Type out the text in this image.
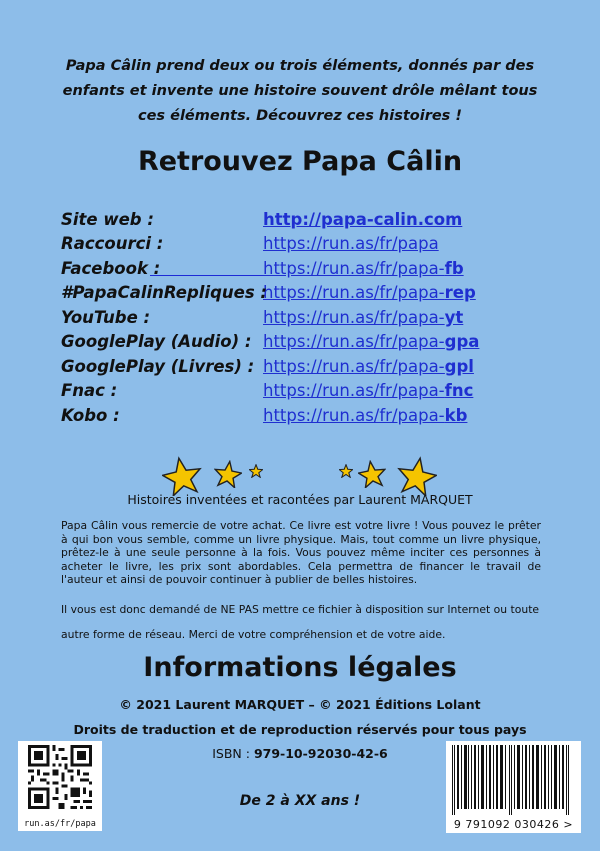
Papa Câlin prend deux ou trois éléments, donnés par des
enfants et invente une histoire souvent drôle mêlant tous
ces éléments. Découvrez ces histoires !
Retrouvez Papa Câlin
Site web :	http://papa-calin.com
Raccourci :	https://run.as/fr/papa
Facebook :	https://run.as/fr/papa-fb
#PapaCalinRepliques :
https://run.as/fr/papa-rep
YouTube :	https://run.as/fr/papa-yt
GooglePlay (Audio) : https://run.as/fr/papa-gpa
GooglePlay (Livres) : https://run.as/fr/papa-gpl
Fnac :	https://run.as/fr/papa-fnc
Kobo :	https://run.as/fr/papa-kb
Histoires inventées et racontées par Laurent MARQUET
Papa Câlin vous remercie de votre achat. Ce livre est votre livre ! Vous pouvez le prêter à qui bon vous semble, comme un livre physique. Mais, tout comme un livre physique, prêtez-le à une seule personne à la fois. Vous pouvez même inciter ces personnes à acheter le livre, les prix sont abordables. Cela permettra de financer le travail de l'auteur et ainsi de pouvoir continuer à publier de belles histoires.
Il vous est donc demandé de NE PAS mettre ce fichier à disposition sur Internet ou toute
autre forme de réseau. Merci de votre compréhension et de votre aide.
Informations légales
© 2021 Laurent MARQUET – © 2021 Éditions Lolant
Droits de traduction et de reproduction réservés pour tous pays
ISBN : 979-10-92030-42-6
De 2 à XX ans !
run.as/fr/papa	9 791092 030426 >
